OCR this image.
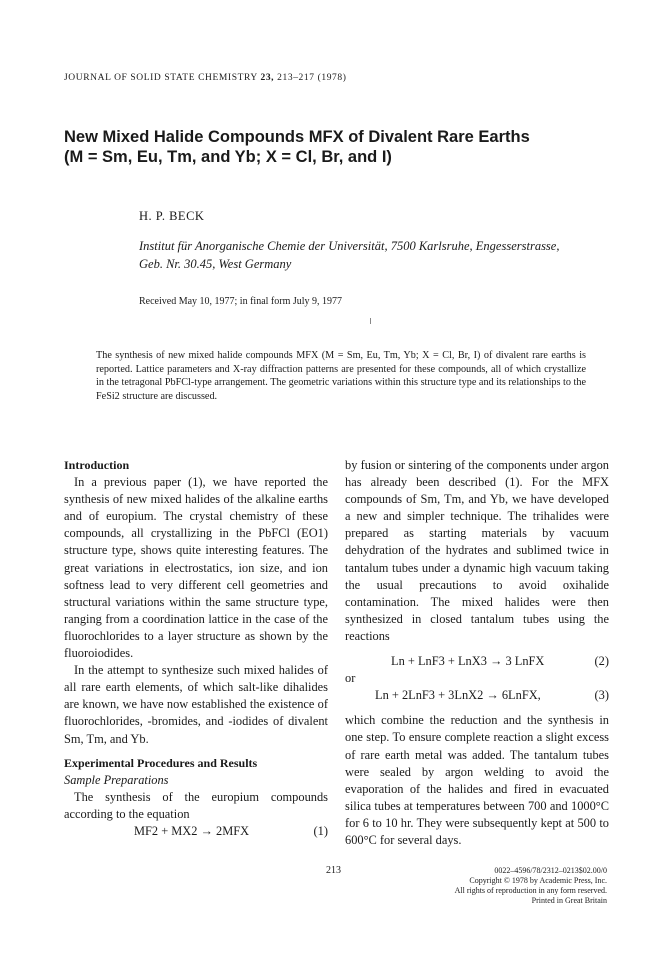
JOURNAL OF SOLID STATE CHEMISTRY 23, 213–217 (1978)
New Mixed Halide Compounds MFX of Divalent Rare Earths
(M = Sm, Eu, Tm, and Yb; X = Cl, Br, and I)
H. P. BECK
Institut für Anorganische Chemie der Universität, 7500 Karlsruhe, Engesserstrasse,
Geb. Nr. 30.45, West Germany
Received May 10, 1977; in final form July 9, 1977
The synthesis of new mixed halide compounds MFX (M = Sm, Eu, Tm, Yb; X = Cl, Br, I) of divalent rare earths is reported. Lattice parameters and X-ray diffraction patterns are presented for these compounds, all of which crystallize in the tetragonal PbFCl-type arrangement. The geometric variations within this structure type and its relationships to the FeSi2 structure are discussed.

Introduction

In a previous paper (1), we have reported the synthesis of new mixed halides of the alkaline earths and of europium. The crystal chemistry of these compounds, all crystallizing in the PbFCl (EO1) structure type, shows quite interesting features. The great variations in electrostatics, ion size, and ion softness lead to very different cell geometries and structural variations within the same structure type, ranging from a coordination lattice in the case of the fluorochlorides to a layer structure as shown by the fluoroiodides.

In the attempt to synthesize such mixed halides of all rare earth elements, of which salt-like dihalides are known, we have now established the existence of fluorochlorides, -bromides, and -iodides of divalent Sm, Tm, and Yb.

Experimental Procedures and Results

Sample Preparations

The synthesis of the europium compounds according to the equation

MF2 + MX2 → 2MFX	(1)

by fusion or sintering of the components under argon has already been described (1). For the MFX compounds of Sm, Tm, and Yb, we have developed a new and simpler technique. The trihalides were prepared as starting materials by vacuum dehydration of the hydrates and sublimed twice in tantalum tubes under a dynamic high vacuum taking the usual precautions to avoid oxihalide contamination. The mixed halides were then synthesized in closed tantalum tubes using the reactions

Ln + LnF3 + LnX3 → 3 LnFX	(2)

or

Ln + 2LnF3 + 3LnX2 → 6LnFX,	(3)

which combine the reduction and the synthesis in one step. To ensure complete reaction a slight excess of rare earth metal was added. The tantalum tubes were sealed by argon welding to avoid the evaporation of the halides and fired in evacuated silica tubes at temperatures between 700 and 1000°C for 6 to 10 hr. They were subsequently kept at 500 to 600°C for several days.

213	0022–4596/78/2312–0213$02.00/0
Copyright © 1978 by Academic Press, Inc.
All rights of reproduction in any form reserved.
Printed in Great Britain
